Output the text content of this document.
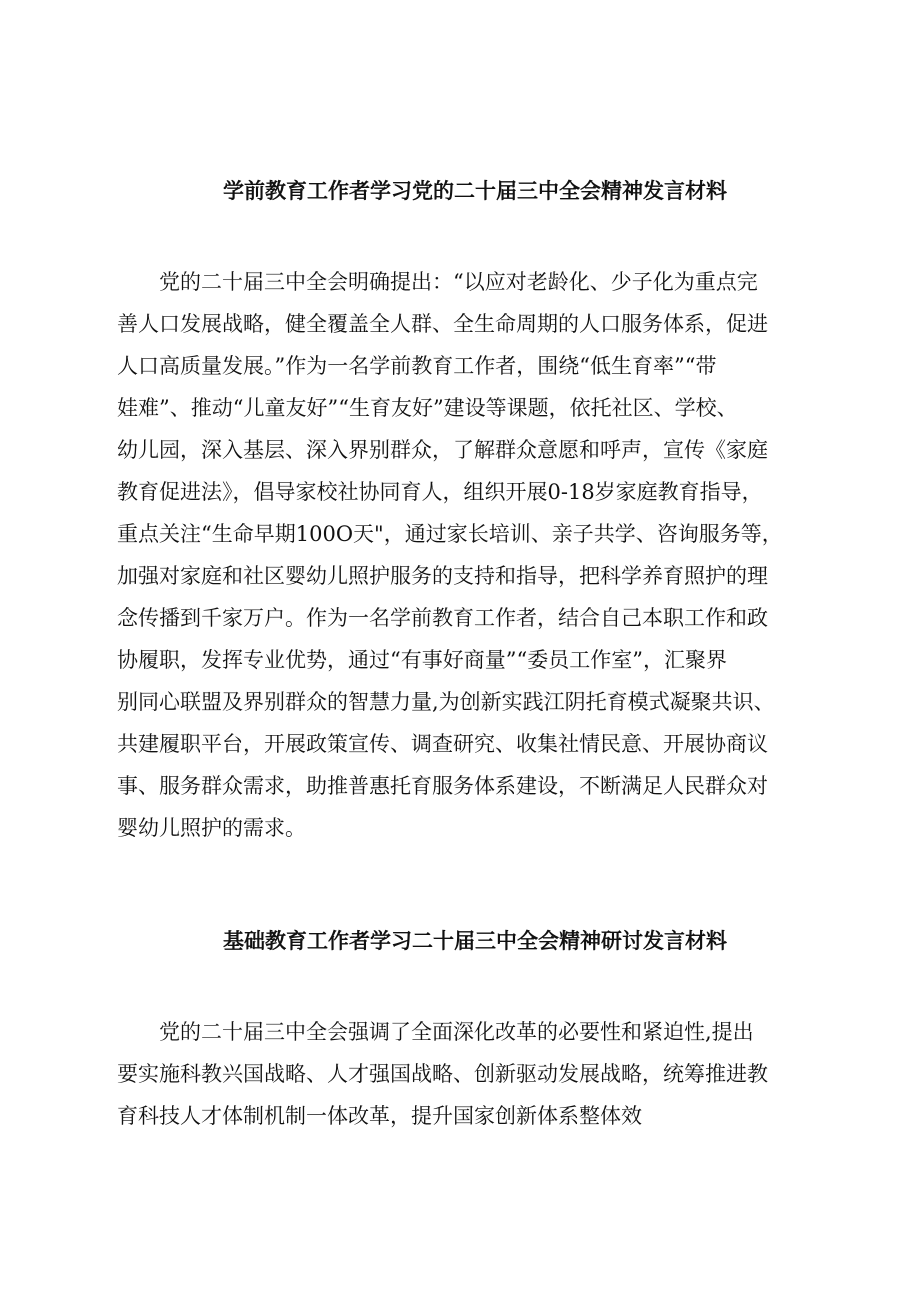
学前教育工作者学习党的二十届三中全会精神发言材料
　　党的二十届三中全会明确提出：“以应对老龄化、少子化为重点完
善人口发展战略，健全覆盖全人群、全生命周期的人口服务体系，促进
人口高质量发展。”作为一名学前教育工作者，围绕“低生育率”“带
娃难”、推动“儿童友好”“生育友好”建设等课题，依托社区、学校、
幼儿园，深入基层、深入界别群众，了解群众意愿和呼声，宣传《家庭
教育促进法》，倡导家校社协同育人，组织开展0-18岁家庭教育指导，
重点关注“生命早期100O天"，通过家长培训、亲子共学、咨询服务等，
加强对家庭和社区婴幼儿照护服务的支持和指导，把科学养育照护的理
念传播到千家万户。作为一名学前教育工作者，结合自己本职工作和政
协履职，发挥专业优势，通过“有事好商量”“委员工作室”，汇聚界
别同心联盟及界别群众的智慧力量,为创新实践江阴托育模式凝聚共识、
共建履职平台，开展政策宣传、调查研究、收集社情民意、开展协商议
事、服务群众需求，助推普惠托育服务体系建设，不断满足人民群众对
婴幼儿照护的需求。
基础教育工作者学习二十届三中全会精神研讨发言材料
　　党的二十届三中全会强调了全面深化改革的必要性和紧迫性,提出
要实施科教兴国战略、人才强国战略、创新驱动发展战略，统筹推进教
育科技人才体制机制一体改革，提升国家创新体系整体效
